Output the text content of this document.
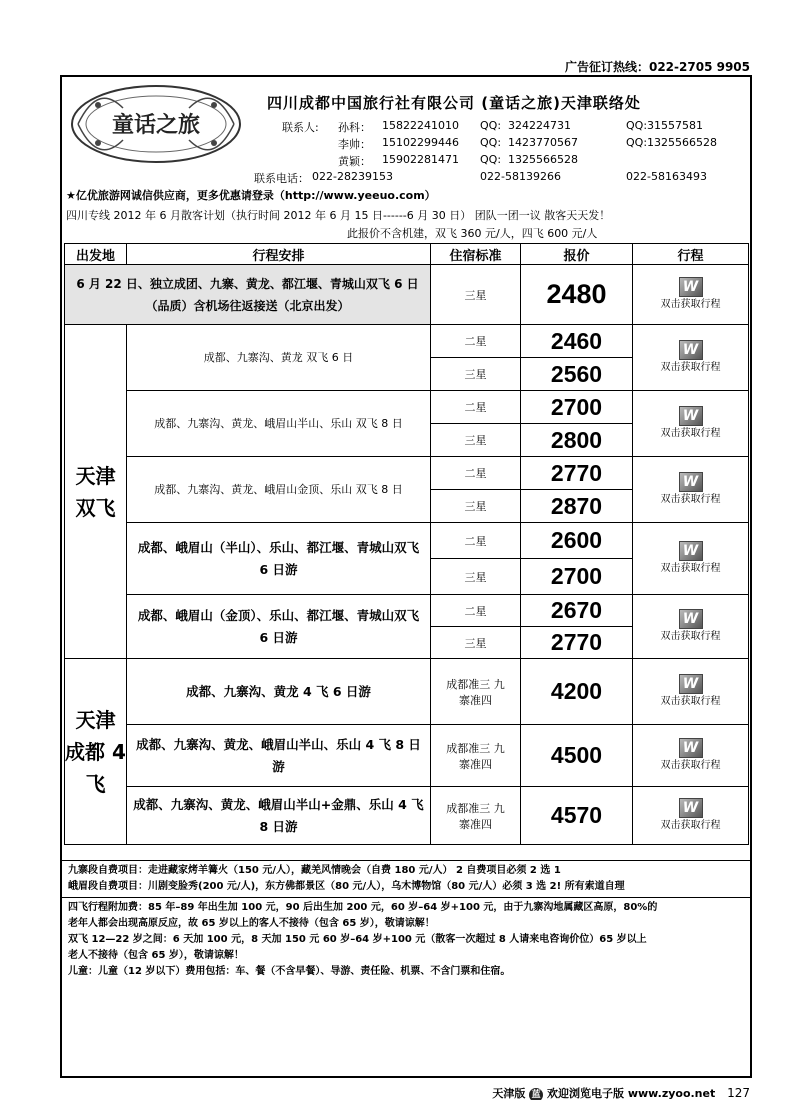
广告征订热线：022-2705 9905
童话之旅
四川成都中国旅行社有限公司 (童话之旅)天津联络处
联系人: 孙科： 15822241010 QQ: 324224731	QQ:31557581
李帅： 15102299446 QQ: 1423770567	QQ:1325566528
黄颖： 15902281471 QQ: 1325566528
联系电话： 022-28239153	022-58139266	022-58163493
★亿优旅游网诚信供应商，更多优惠请登录（http://www.yeeuo.com）
四川专线 2012 年 6 月散客计划（执行时间 2012 年 6 月 15 日------6 月 30 日） 团队一团一议 散客天天发！
此报价不含机建，双飞 360 元/人，四飞 600 元/人
出发地	行程安排	住宿标准	报价	行程
6 月 22 日、独立成团、九寨、黄龙、都江堰、青城山双飞 6 日（品质）含机场往返接送（北京出发）		三星	2480	W
双击获取行程
天津 双飞	成都、九寨沟、黄龙 双飞 6 日	二星	2460	W
双击获取行程
		三星	2560	
	成都、九寨沟、黄龙、峨眉山半山、乐山 双飞 8 日	二星	2700	W
双击获取行程
		三星	2800	
	成都、九寨沟、黄龙、峨眉山金顶、乐山 双飞 8 日	二星	2770	W
双击获取行程
		三星	2870	
	成都、峨眉山（半山）、乐山、都江堰、青城山双飞 6 日游	二星	2600	W
双击获取行程
		三星	2700	
	成都、峨眉山（金顶）、乐山、都江堰、青城山双飞 6 日游	二星	2670	W
双击获取行程
		三星	2770	
天津 成都 4 飞	成都、九寨沟、黄龙 4 飞 6 日游	成都准三 九寨准四	4200	W
双击获取行程
	成都、九寨沟、黄龙、峨眉山半山、乐山 4 飞 8 日游	成都准三 九寨准四	4500	W
双击获取行程
	成都、九寨沟、黄龙、峨眉山半山+金鼎、乐山 4 飞 8 日游	成都准三 九寨准四	4570	W
双击获取行程

九寨段自费项目：走进藏家烤羊篝火（150 元/人），藏羌风情晚会（自费 180 元/人） 2 自费项目必须 2 选 1

峨眉段自费项目：川剧变脸秀(200 元/人)，东方佛都景区（80 元/人），乌木博物馆（80 元/人）必须 3 选 2! 所有索道自理

四飞行程附加费：85 年–89 年出生加 100 元，90 后出生加 200 元，60 岁–64 岁+100 元，由于九寨沟地属藏区高原，80%的

老年人都会出现高原反应，故 65 岁以上的客人不接待（包含 65 岁），敬请谅解！

双飞 12—22 岁之间：6 天加 100 元，8 天加 150 元 60 岁–64 岁+100 元（散客一次超过 8 人请来电咨询价位）65 岁以上

老人不接待（包含 65 岁），敬请谅解！

儿童：儿童（12 岁以下）费用包括：车、餐（不含早餐）、导游、责任险、机票、不含门票和住宿。

天津版 蓝 欢迎浏览电子版 www.zyoo.net 127
